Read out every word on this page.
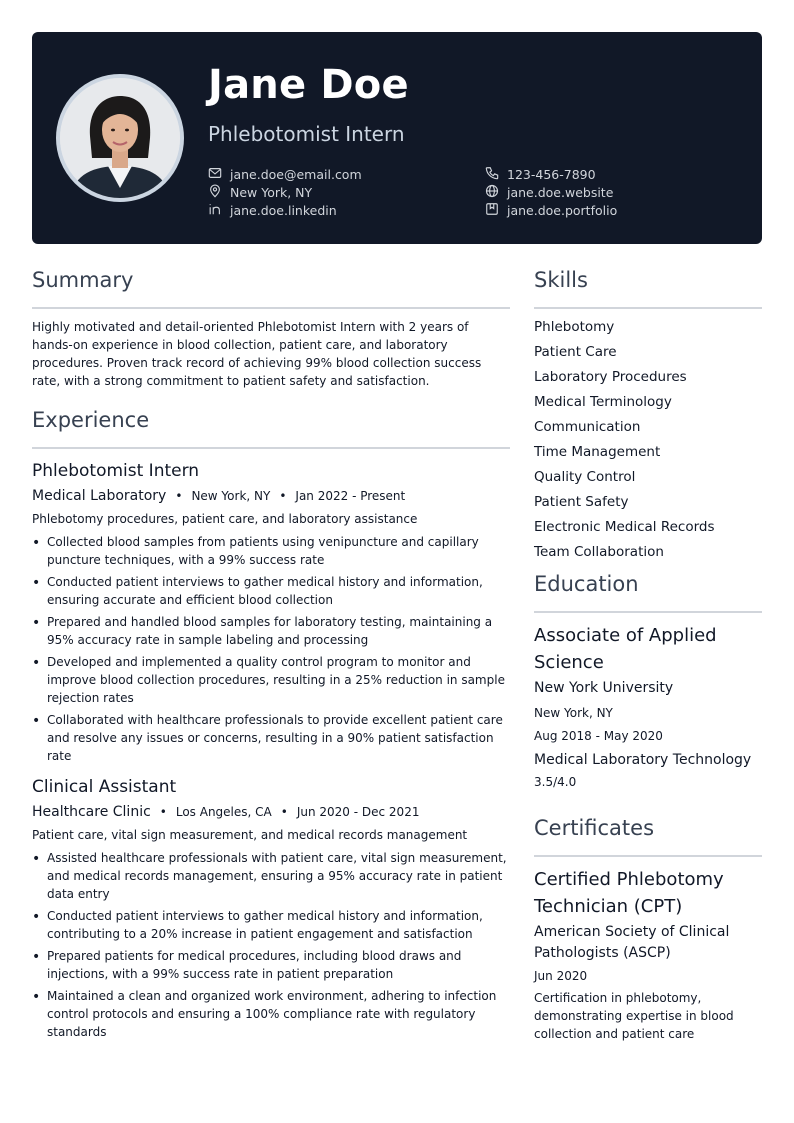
Jane Doe
Phlebotomist Intern
jane.doe@email.com	123-456-7890
New York, NY	jane.doe.website
jane.doe.linkedin	jane.doe.portfolio
Summary

Highly motivated and detail-oriented Phlebotomist Intern with 2 years of hands-on experience in blood collection, patient care, and laboratory procedures. Proven track record of achieving 99% blood collection success rate, with a strong commitment to patient safety and satisfaction.

Experience
Phlebotomist Intern
Medical Laboratory • New York, NY • Jan 2022 - Present
Phlebotomy procedures, patient care, and laboratory assistance
• Collected blood samples from patients using venipuncture and capillary puncture techniques, with a 99% success rate
• Conducted patient interviews to gather medical history and information, ensuring accurate and efficient blood collection
• Prepared and handled blood samples for laboratory testing, maintaining a 95% accuracy rate in sample labeling and processing
• Developed and implemented a quality control program to monitor and improve blood collection procedures, resulting in a 25% reduction in sample rejection rates
• Collaborated with healthcare professionals to provide excellent patient care and resolve any issues or concerns, resulting in a 90% patient satisfaction rate
Clinical Assistant
Healthcare Clinic • Los Angeles, CA • Jun 2020 - Dec 2021
Patient care, vital sign measurement, and medical records management
• Assisted healthcare professionals with patient care, vital sign measurement, and medical records management, ensuring a 95% accuracy rate in patient data entry
• Conducted patient interviews to gather medical history and information, contributing to a 20% increase in patient engagement and satisfaction
• Prepared patients for medical procedures, including blood draws and injections, with a 99% success rate in patient preparation
• Maintained a clean and organized work environment, adhering to infection control protocols and ensuring a 100% compliance rate with regulatory standards
Skills
Phlebotomy
Patient Care
Laboratory Procedures
Medical Terminology
Communication
Time Management
Quality Control
Patient Safety
Electronic Medical Records
Team Collaboration
Education
Associate of Applied Science
New York University
New York, NY
Aug 2018 - May 2020
Medical Laboratory Technology
3.5/4.0
Certificates
Certified Phlebotomy Technician (CPT)
American Society of Clinical Pathologists (ASCP)
Jun 2020
Certification in phlebotomy, demonstrating expertise in blood collection and patient care
